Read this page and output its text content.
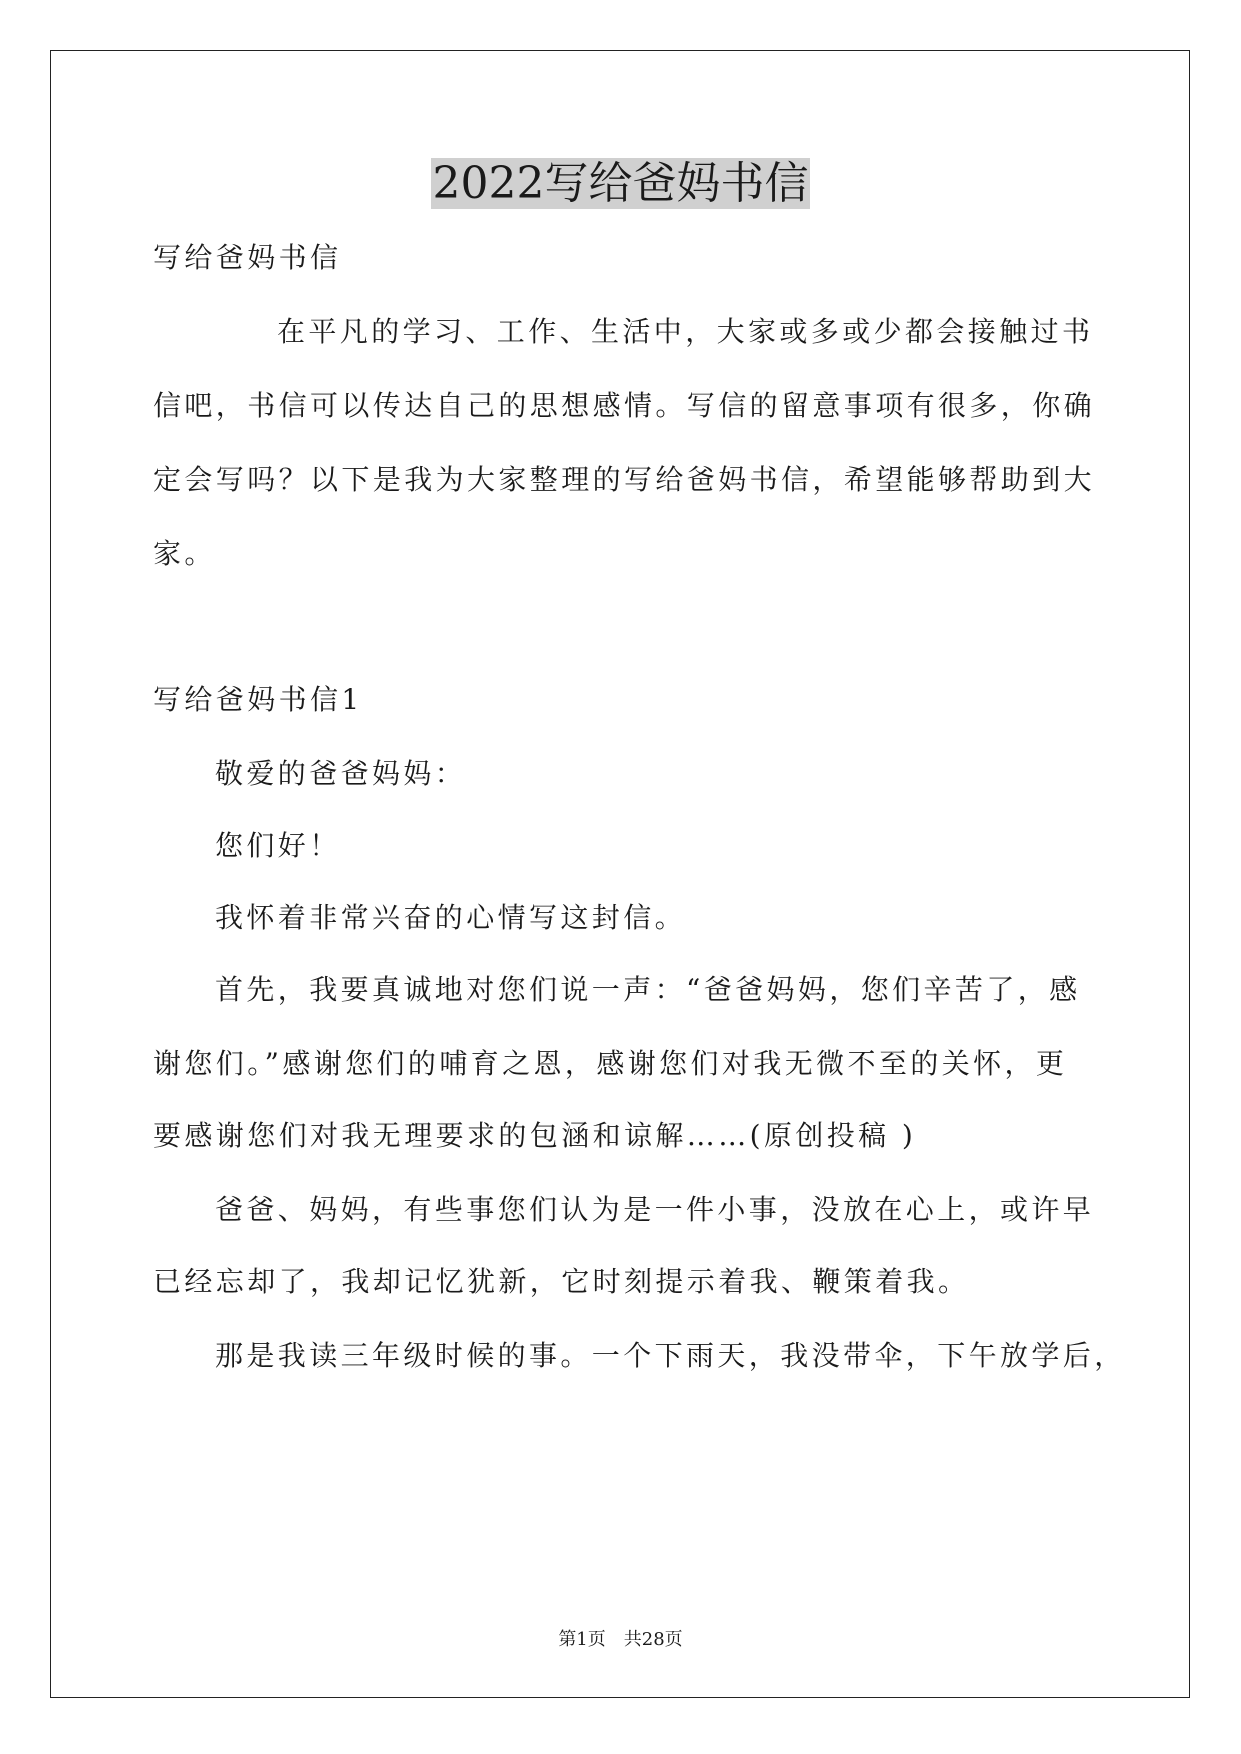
2022写给爸妈书信
写给爸妈书信
在平凡的学习、工作、生活中，大家或多或少都会接触过书
信吧，书信可以传达自己的思想感情。写信的留意事项有很多，你确
定会写吗？以下是我为大家整理的写给爸妈书信，希望能够帮助到大
家。
写给爸妈书信1
敬爱的爸爸妈妈：
您们好！
我怀着非常兴奋的心情写这封信。
首先，我要真诚地对您们说一声：“爸爸妈妈，您们辛苦了，感
谢您们。”感谢您们的哺育之恩，感谢您们对我无微不至的关怀，更
要感谢您们对我无理要求的包涵和谅解……(原创投稿 )
爸爸、妈妈，有些事您们认为是一件小事，没放在心上，或许早
已经忘却了，我却记忆犹新，它时刻提示着我、鞭策着我。
那是我读三年级时候的事。一个下雨天，我没带伞，下午放学后，
第1页　共28页
